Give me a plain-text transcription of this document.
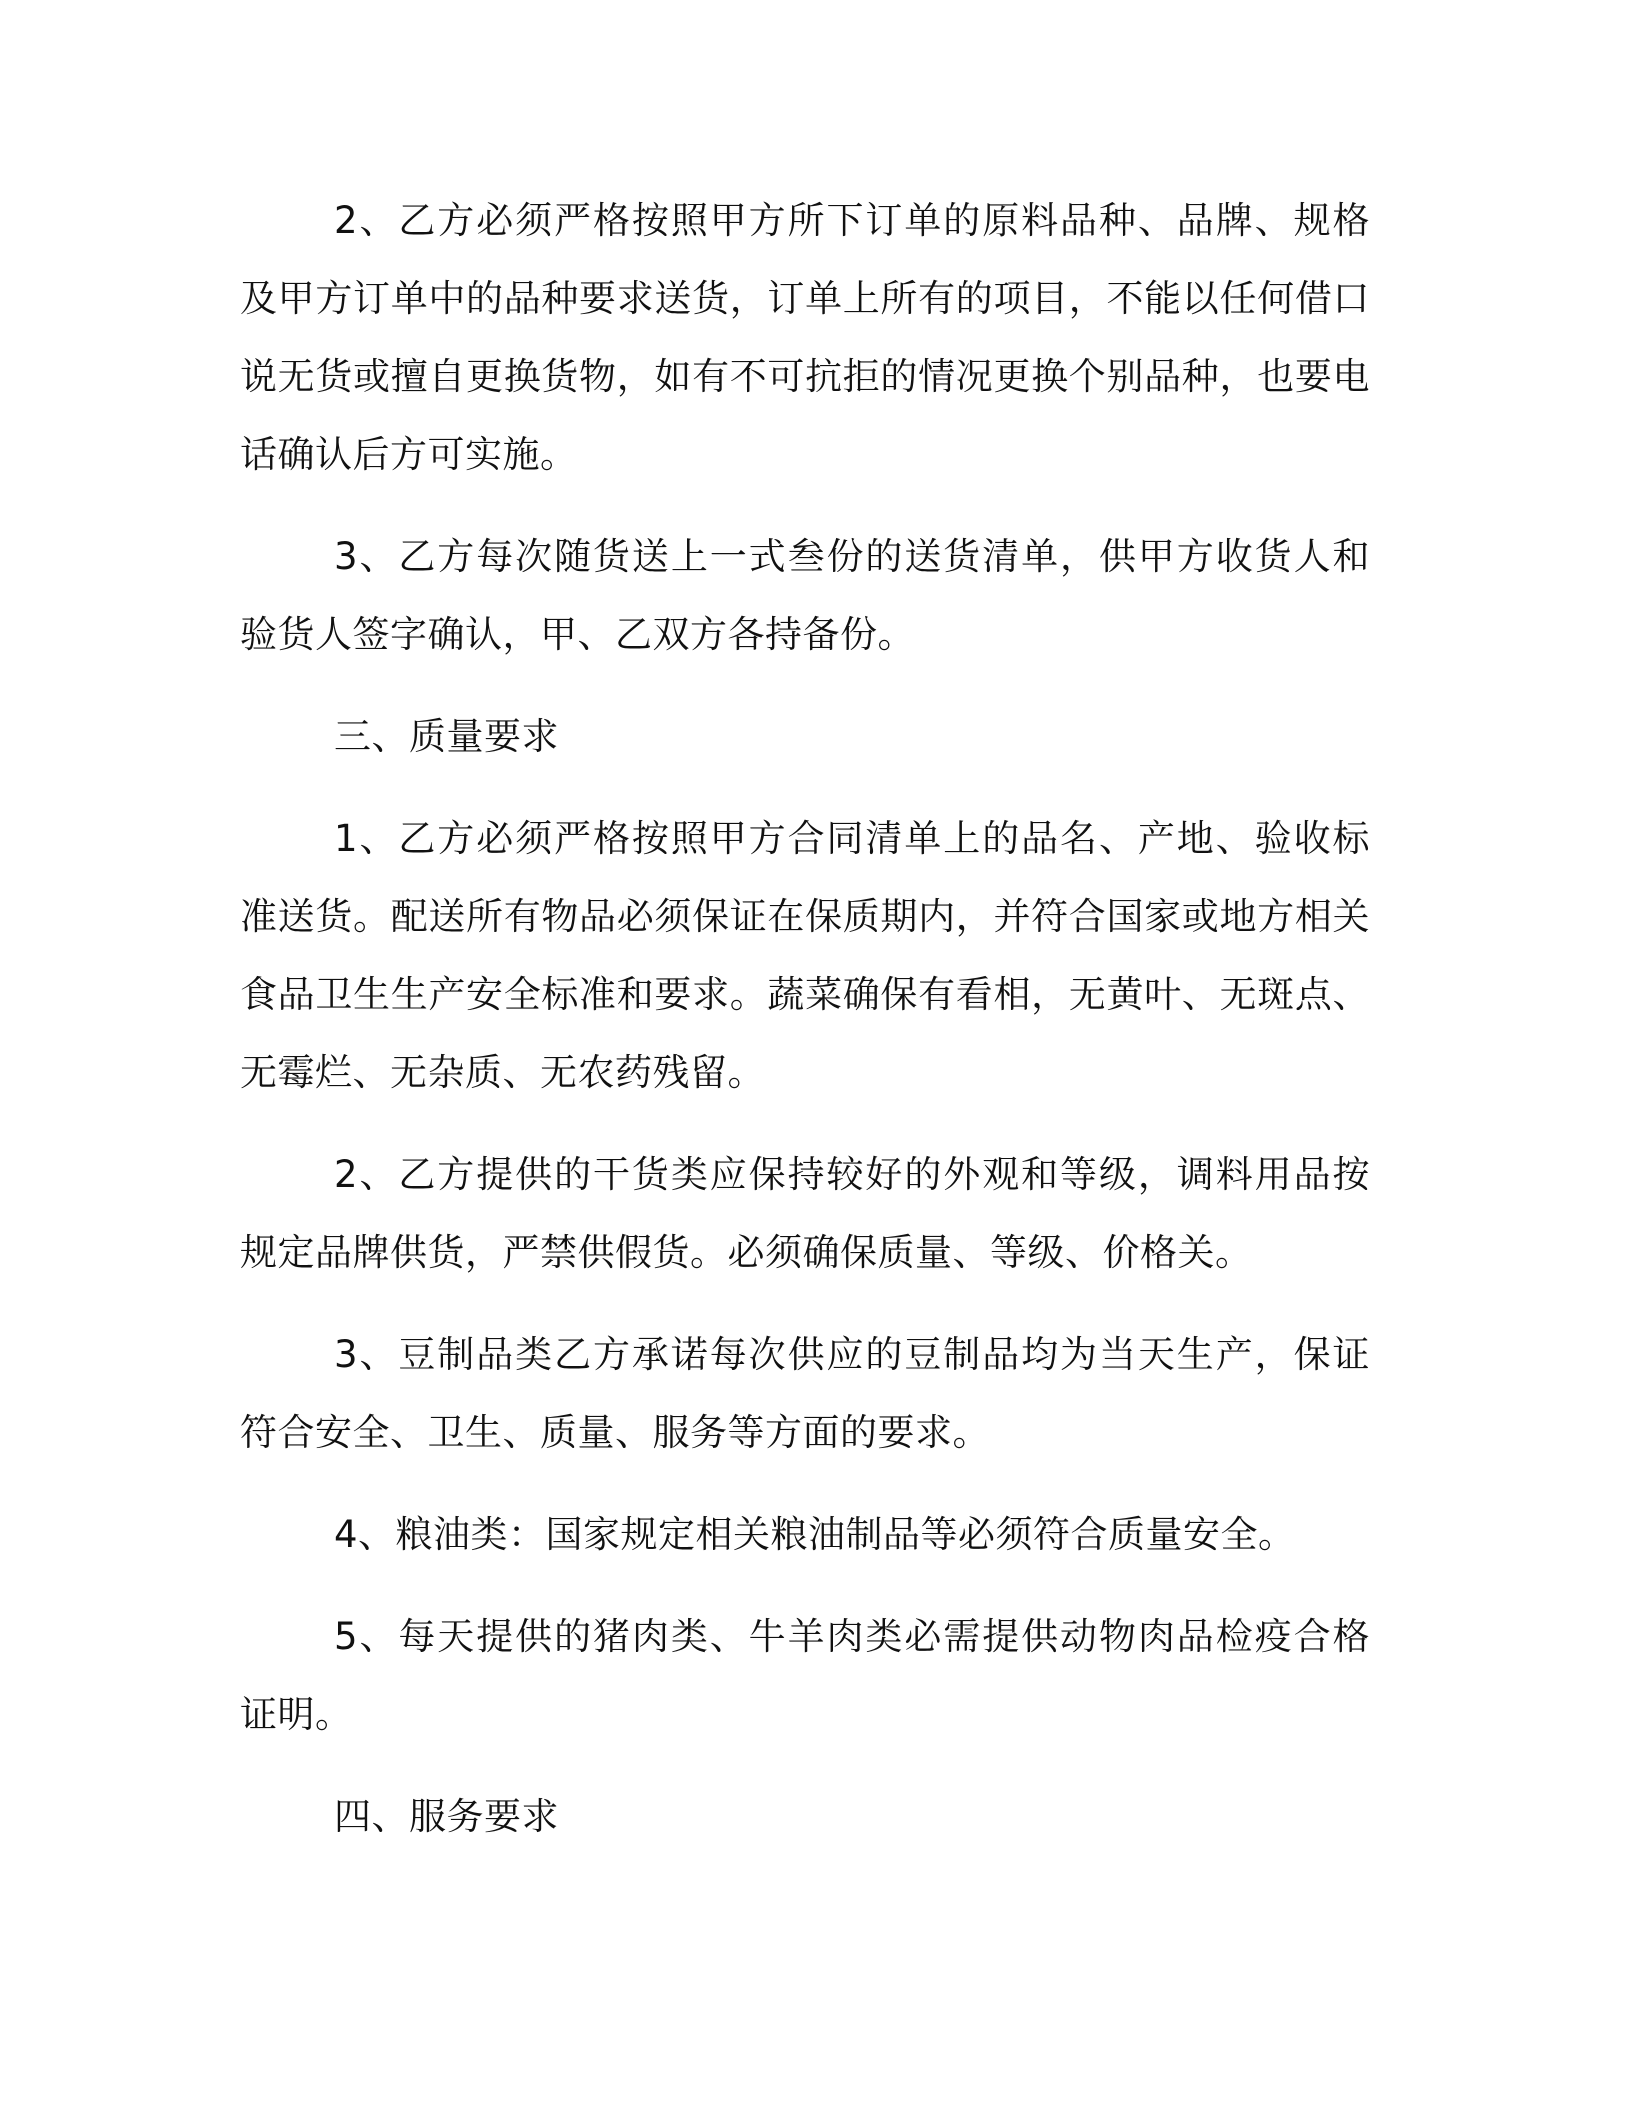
2、乙方必须严格按照甲方所下订单的原料品种、品牌、规格及甲方订单中的品种要求送货，订单上所有的项目，不能以任何借口说无货或擅自更换货物，如有不可抗拒的情况更换个别品种，也要电话确认后方可实施。

3、乙方每次随货送上一式叁份的送货清单，供甲方收货人和验货人签字确认，甲、乙双方各持备份。

三、质量要求

1、乙方必须严格按照甲方合同清单上的品名、产地、验收标准送货。配送所有物品必须保证在保质期内，并符合国家或地方相关食品卫生生产安全标准和要求。蔬菜确保有看相，无黄叶、无斑点、无霉烂、无杂质、无农药残留。

2、乙方提供的干货类应保持较好的外观和等级，调料用品按规定品牌供货，严禁供假货。必须确保质量、等级、价格关。

3、豆制品类乙方承诺每次供应的豆制品均为当天生产，保证符合安全、卫生、质量、服务等方面的要求。

4、粮油类：国家规定相关粮油制品等必须符合质量安全。

5、每天提供的猪肉类、牛羊肉类必需提供动物肉品检疫合格证明。

四、服务要求
